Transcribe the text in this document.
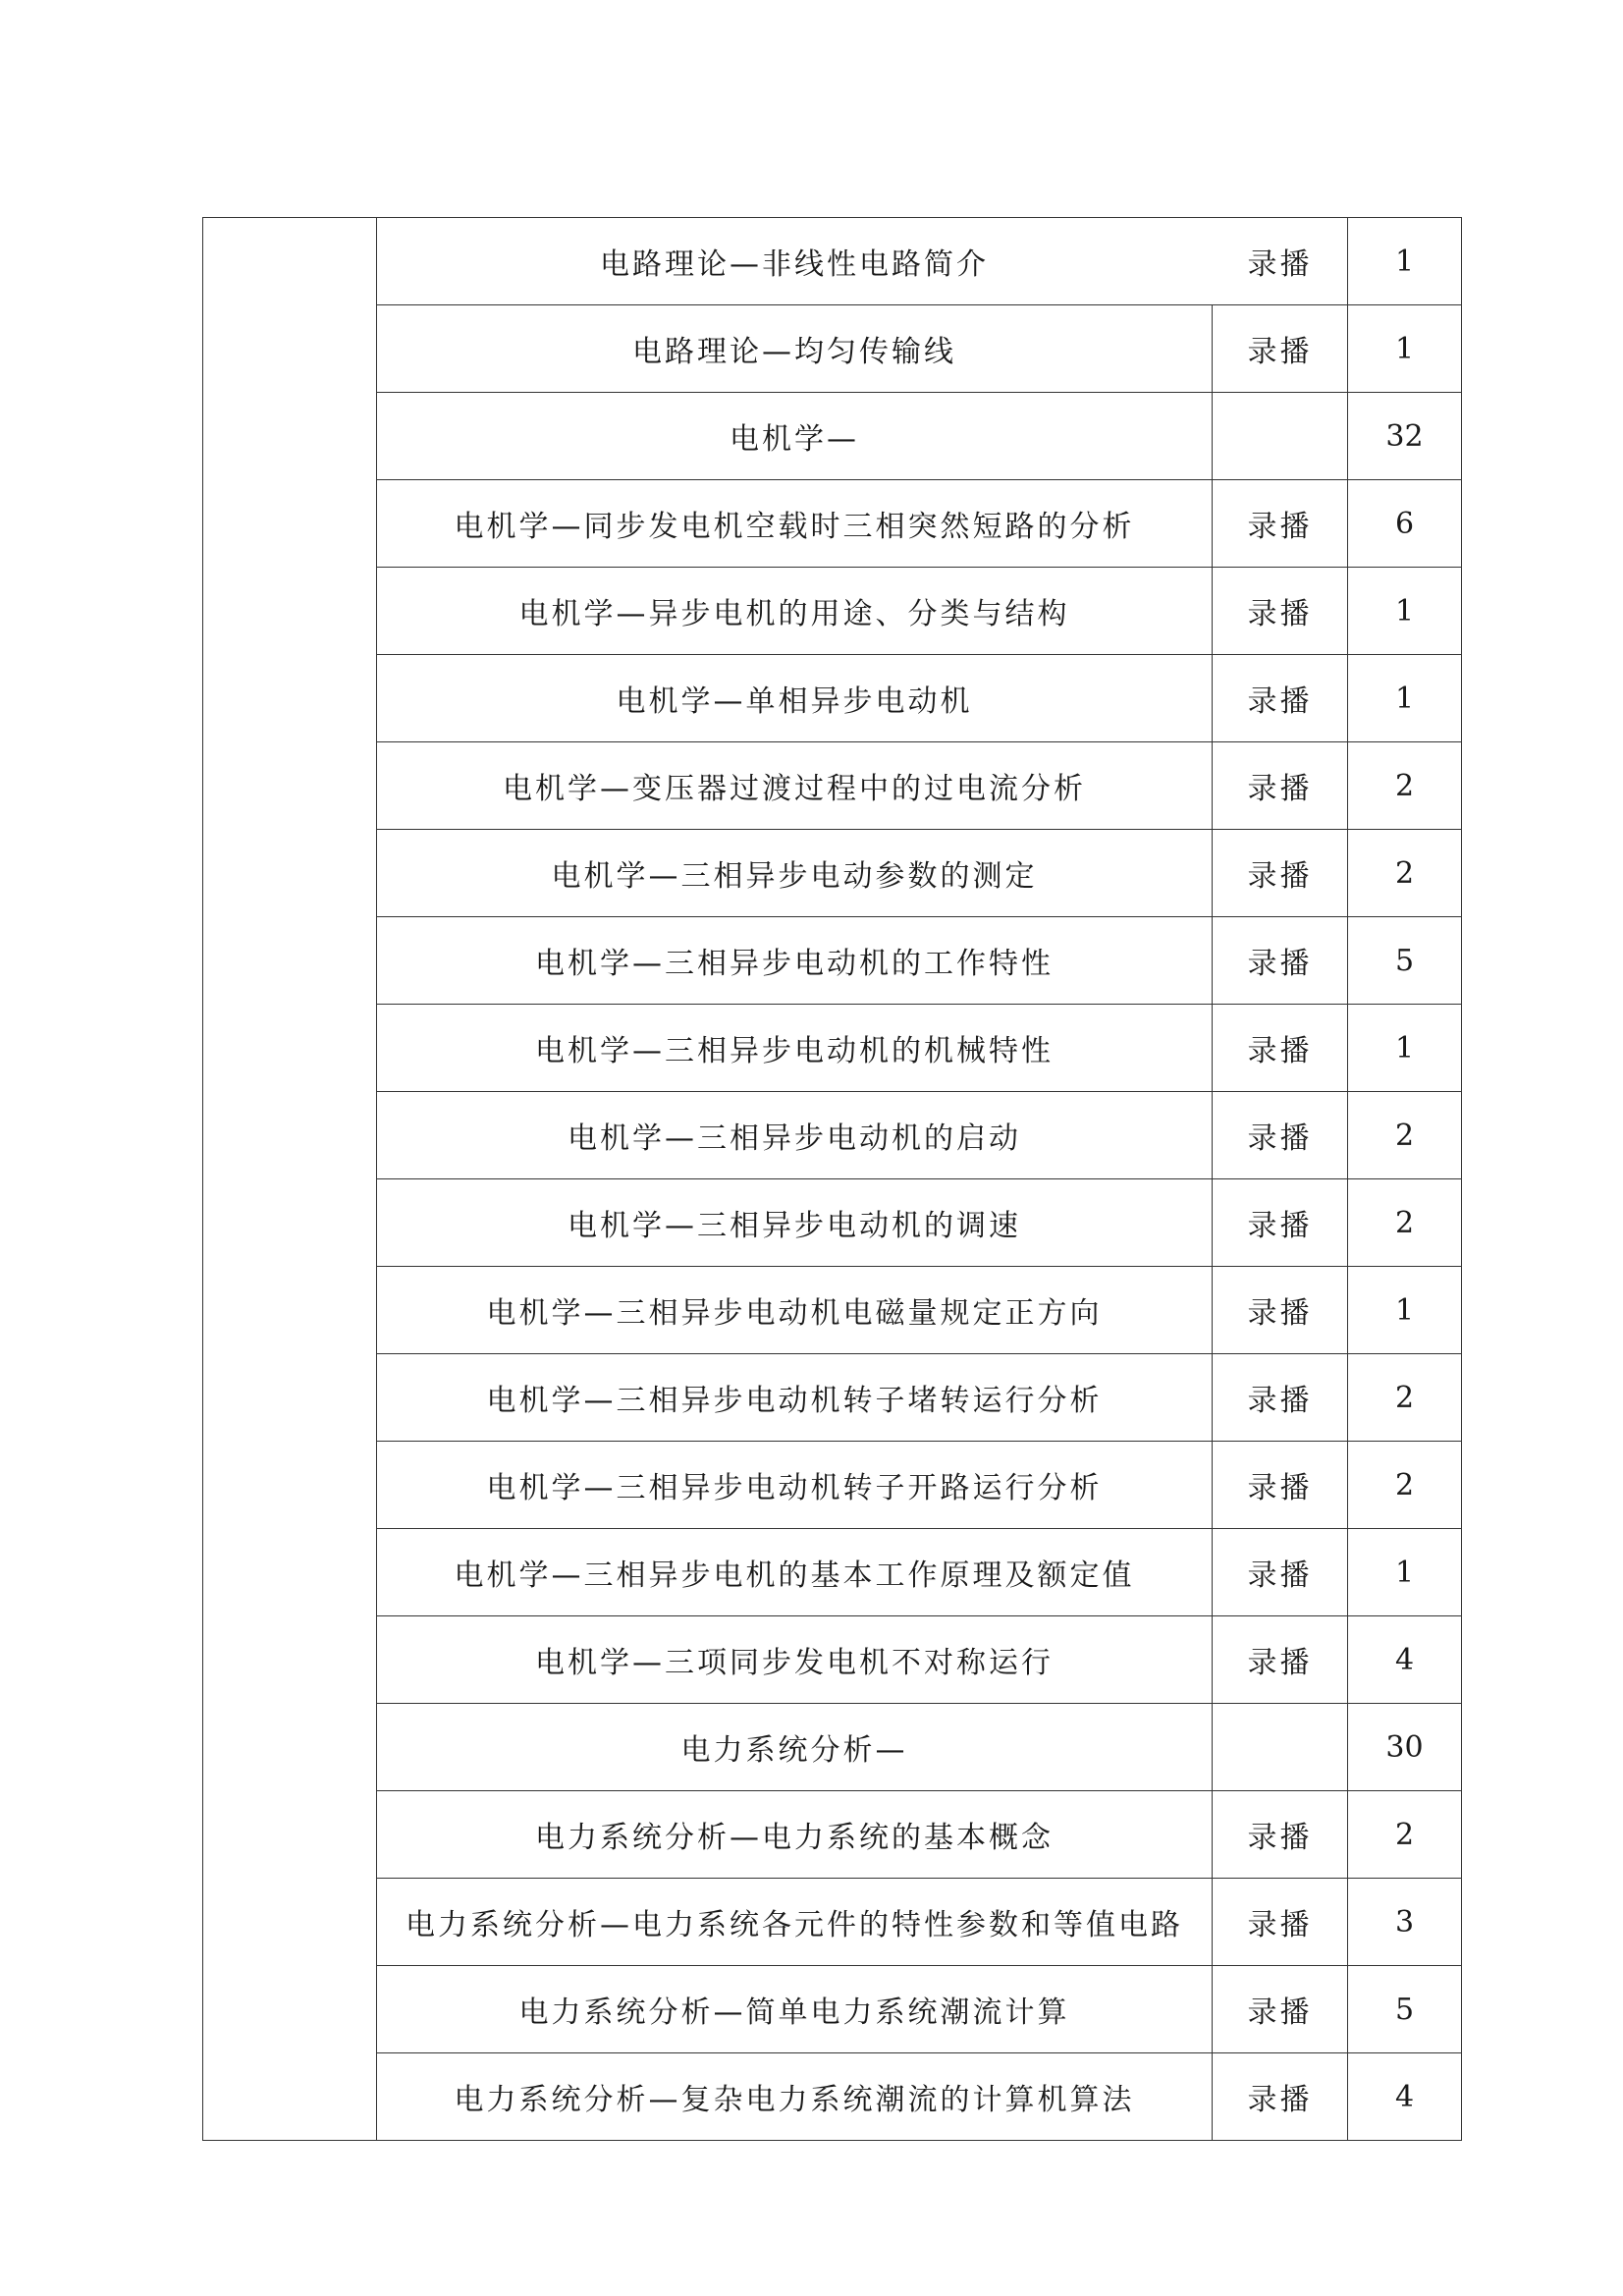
	电路理论—非线性电路简介	录播	1
	电路理论—均匀传输线	录播	1
	电机学—		32
	电机学—同步发电机空载时三相突然短路的分析	录播	6
	电机学—异步电机的用途、分类与结构	录播	1
	电机学—单相异步电动机	录播	1
	电机学—变压器过渡过程中的过电流分析	录播	2
	电机学—三相异步电动参数的测定	录播	2
	电机学—三相异步电动机的工作特性	录播	5
	电机学—三相异步电动机的机械特性	录播	1
	电机学—三相异步电动机的启动	录播	2
	电机学—三相异步电动机的调速	录播	2
	电机学—三相异步电动机电磁量规定正方向	录播	1
	电机学—三相异步电动机转子堵转运行分析	录播	2
	电机学—三相异步电动机转子开路运行分析	录播	2
	电机学—三相异步电机的基本工作原理及额定值	录播	1
	电机学—三项同步发电机不对称运行	录播	4
	电力系统分析—		30
	电力系统分析—电力系统的基本概念	录播	2
	电力系统分析—电力系统各元件的特性参数和等值电路	录播	3
	电力系统分析—简单电力系统潮流计算	录播	5
	电力系统分析—复杂电力系统潮流的计算机算法	录播	4
